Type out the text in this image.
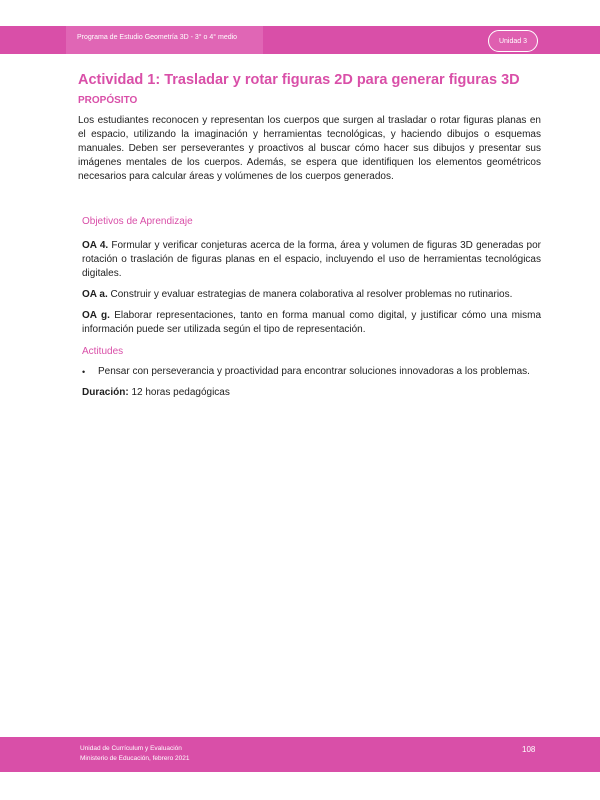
Programa de Estudio Geometría 3D - 3° o 4° medio	Unidad 3
Actividad 1: Trasladar y rotar figuras 2D para generar figuras 3D
PROPÓSITO

Los estudiantes reconocen y representan los cuerpos que surgen al trasladar o rotar figuras planas en el espacio, utilizando la imaginación y herramientas tecnológicas, y haciendo dibujos o esquemas manuales. Deben ser perseverantes y proactivos al buscar cómo hacer sus dibujos y presentar sus imágenes mentales de los cuerpos. Además, se espera que identifiquen los elementos geométricos necesarios para calcular áreas y volúmenes de los cuerpos generados.

Objetivos de Aprendizaje

OA 4. Formular y verificar conjeturas acerca de la forma, área y volumen de figuras 3D generadas por rotación o traslación de figuras planas en el espacio, incluyendo el uso de herramientas tecnológicas digitales.

OA a. Construir y evaluar estrategias de manera colaborativa al resolver problemas no rutinarios.

OA g. Elaborar representaciones, tanto en forma manual como digital, y justificar cómo una misma información puede ser utilizada según el tipo de representación.

Actitudes
•	Pensar con perseverancia y proactividad para encontrar soluciones innovadoras a los problemas.
Duración: 12 horas pedagógicas
Unidad de Currículum y Evaluación
Ministerio de Educación, febrero 2021
108
